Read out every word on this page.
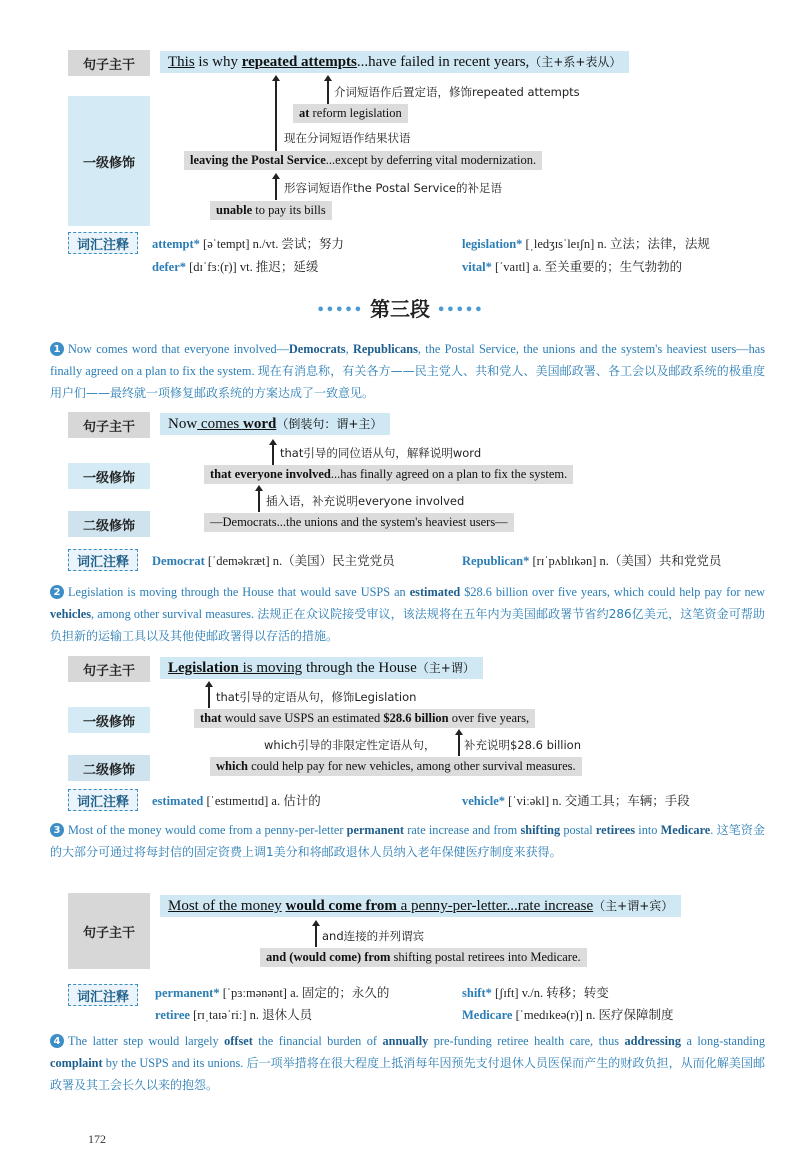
句子主干	This is why repeated attempts...have failed in recent years,（主+系+表从）
介词短语作后置定语，修饰repeated attempts
at reform legislation
现在分词短语作结果状语
一级修饰	leaving the Postal Service...except by deferring vital modernization.
形容词短语作the Postal Service的补足语
unable to pay its bills
词汇注释	attempt* [əˈtempt] n./vt. 尝试；努力	legislation* [ˌledʒɪsˈleɪʃn] n. 立法；法律，法规
defer* [dɪˈfɜː(r)] vt. 推迟；延缓	vital* [ˈvaɪtl] a. 至关重要的；生气勃勃的
••••• 第三段 •••••
1 Now comes word that everyone involved—Democrats, Republicans, the Postal Service, the unions and the system's heaviest users—has finally agreed on a plan to fix the system. 现在有消息称，有关各方——民主党人、共和党人、美国邮政署、各工会以及邮政系统的极重度用户们——最终就一项修复邮政系统的方案达成了一致意见。
句子主干	Now comes word（倒装句：谓+主）
that引导的同位语从句，解释说明word
一级修饰	that everyone involved...has finally agreed on a plan to fix the system.
插入语，补充说明everyone involved
二级修饰	—Democrats...the unions and the system's heaviest users—
词汇注释	Democrat [ˈdeməkræt] n.（美国）民主党党员	Republican* [rɪˈpʌblɪkən] n.（美国）共和党党员
2 Legislation is moving through the House that would save USPS an estimated $28.6 billion over five years, which could help pay for new vehicles, among other survival measures. 法规正在众议院接受审议，该法规将在五年内为美国邮政署节省约286亿美元，这笔资金可帮助负担新的运输工具以及其他使邮政署得以存活的措施。
句子主干	Legislation is moving through the House（主+谓）
that引导的定语从句，修饰Legislation
一级修饰	that would save USPS an estimated $28.6 billion over five years,
which引导的非限定性定语从句， 补充说明$28.6 billion
二级修饰	which could help pay for new vehicles, among other survival measures.
词汇注释	estimated [ˈestɪmeɪtɪd] a. 估计的	vehicle* [ˈviːəkl] n. 交通工具；车辆；手段
3 Most of the money would come from a penny-per-letter permanent rate increase and from shifting postal retirees into Medicare. 这笔资金的大部分可通过将每封信的固定资费上调1美分和将邮政退休人员纳入老年保健医疗制度来获得。
句子主干
Most of the money would come from a penny-per-letter...rate increase（主+谓+宾）
and连接的并列谓宾
and (would come) from shifting postal retirees into Medicare.
词汇注释	permanent* [ˈpɜːmənənt] a. 固定的；永久的	shift* [ʃɪft] v./n. 转移；转变
retiree [rɪˌtaɪəˈriː] n. 退休人员	Medicare [ˈmedɪkeə(r)] n. 医疗保障制度
4 The latter step would largely offset the financial burden of annually pre-funding retiree health care, thus addressing a long-standing complaint by the USPS and its unions. 后一项举措将在很大程度上抵消每年因预先支付退休人员医保而产生的财政负担，从而化解美国邮政署及其工会长久以来的抱怨。
172
